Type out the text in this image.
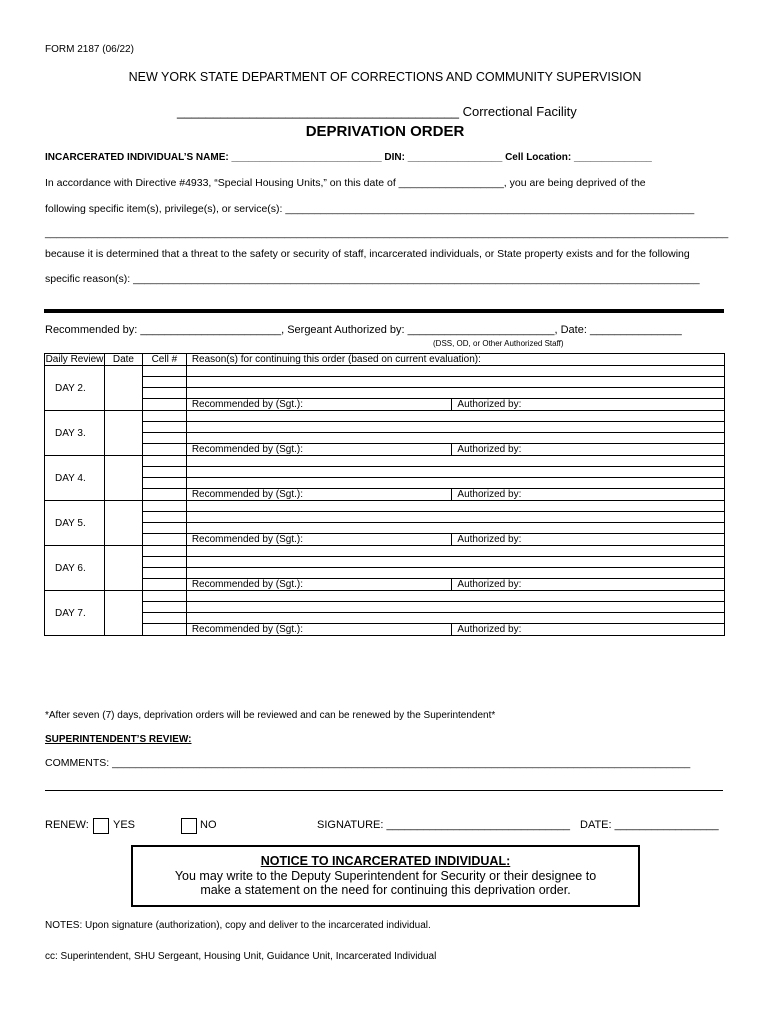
FORM 2187 (06/22)
NEW YORK STATE DEPARTMENT OF CORRECTIONS AND COMMUNITY SUPERVISION
_______________________________________ Correctional Facility
DEPRIVATION ORDER
INCARCERATED INDIVIDUAL’S NAME: ___________________________ DIN: _________________ Cell Location: ______________
In accordance with Directive #4933, “Special Housing Units,” on this date of __________________, you are being deprived of the
following specific item(s), privilege(s), or service(s): ______________________________________________________________________
_____________________________________________________________________________________________________________________
because it is determined that a threat to the safety or security of staff, incarcerated individuals, or State property exists and for the following
specific reason(s): _________________________________________________________________________________________________
Recommended by: _______________________, Sergeant Authorized by: ________________________, Date: _______________
(DSS, OD, or Other Authorized Staff)
Daily Review	Date	Cell #	Reason(s) for continuing this order (based on current evaluation):	
DAY 2.				

			Recommended by (Sgt.):	Authorized by:
DAY 3.				

			Recommended by (Sgt.):	Authorized by:
DAY 4.				

			Recommended by (Sgt.):	Authorized by:
DAY 5.				

			Recommended by (Sgt.):	Authorized by:
DAY 6.				

			Recommended by (Sgt.):	Authorized by:
DAY 7.				

			Recommended by (Sgt.):	Authorized by:
*After seven (7) days, deprivation orders will be reviewed and can be renewed by the Superintendent*
SUPERINTENDENT’S REVIEW:
COMMENTS: ___________________________________________________________________________________________________
RENEW: YES	NO	SIGNATURE: ______________________________ DATE: _________________
NOTICE TO INCARCERATED INDIVIDUAL:
You may write to the Deputy Superintendent for Security or their designee to
make a statement on the need for continuing this deprivation order.
NOTES: Upon signature (authorization), copy and deliver to the incarcerated individual.
cc: Superintendent, SHU Sergeant, Housing Unit, Guidance Unit, Incarcerated Individual
